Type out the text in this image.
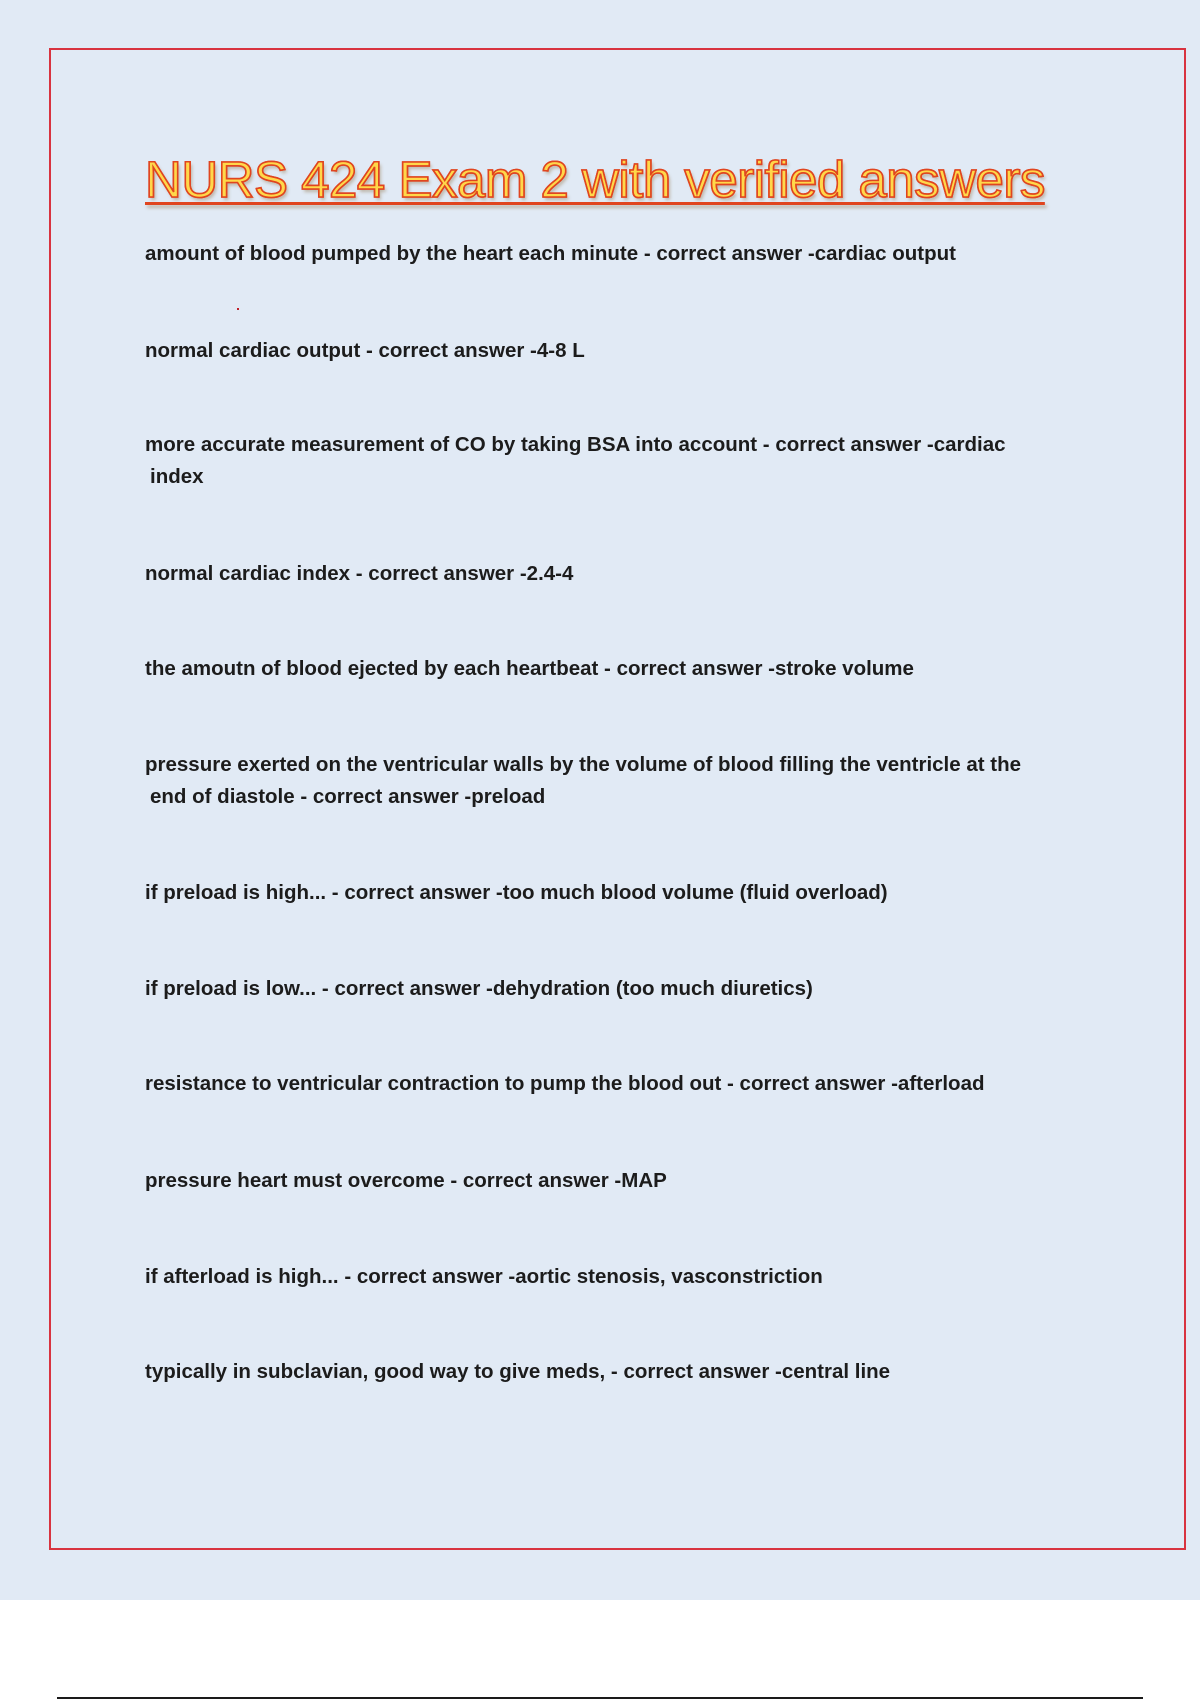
NURS 424 Exam 2 with verified answers

amount of blood pumped by the heart each minute - correct answer -cardiac output

normal cardiac output - correct answer -4-8 L

more accurate measurement of CO by taking BSA into account - correct answer -cardiac
index

normal cardiac index - correct answer -2.4-4

the amoutn of blood ejected by each heartbeat - correct answer -stroke volume

pressure exerted on the ventricular walls by the volume of blood filling the ventricle at the
end of diastole - correct answer -preload

if preload is high... - correct answer -too much blood volume (fluid overload)

if preload is low... - correct answer -dehydration (too much diuretics)

resistance to ventricular contraction to pump the blood out - correct answer -afterload

pressure heart must overcome - correct answer -MAP

if afterload is high... - correct answer -aortic stenosis, vasconstriction

typically in subclavian, good way to give meds, - correct answer -central line
